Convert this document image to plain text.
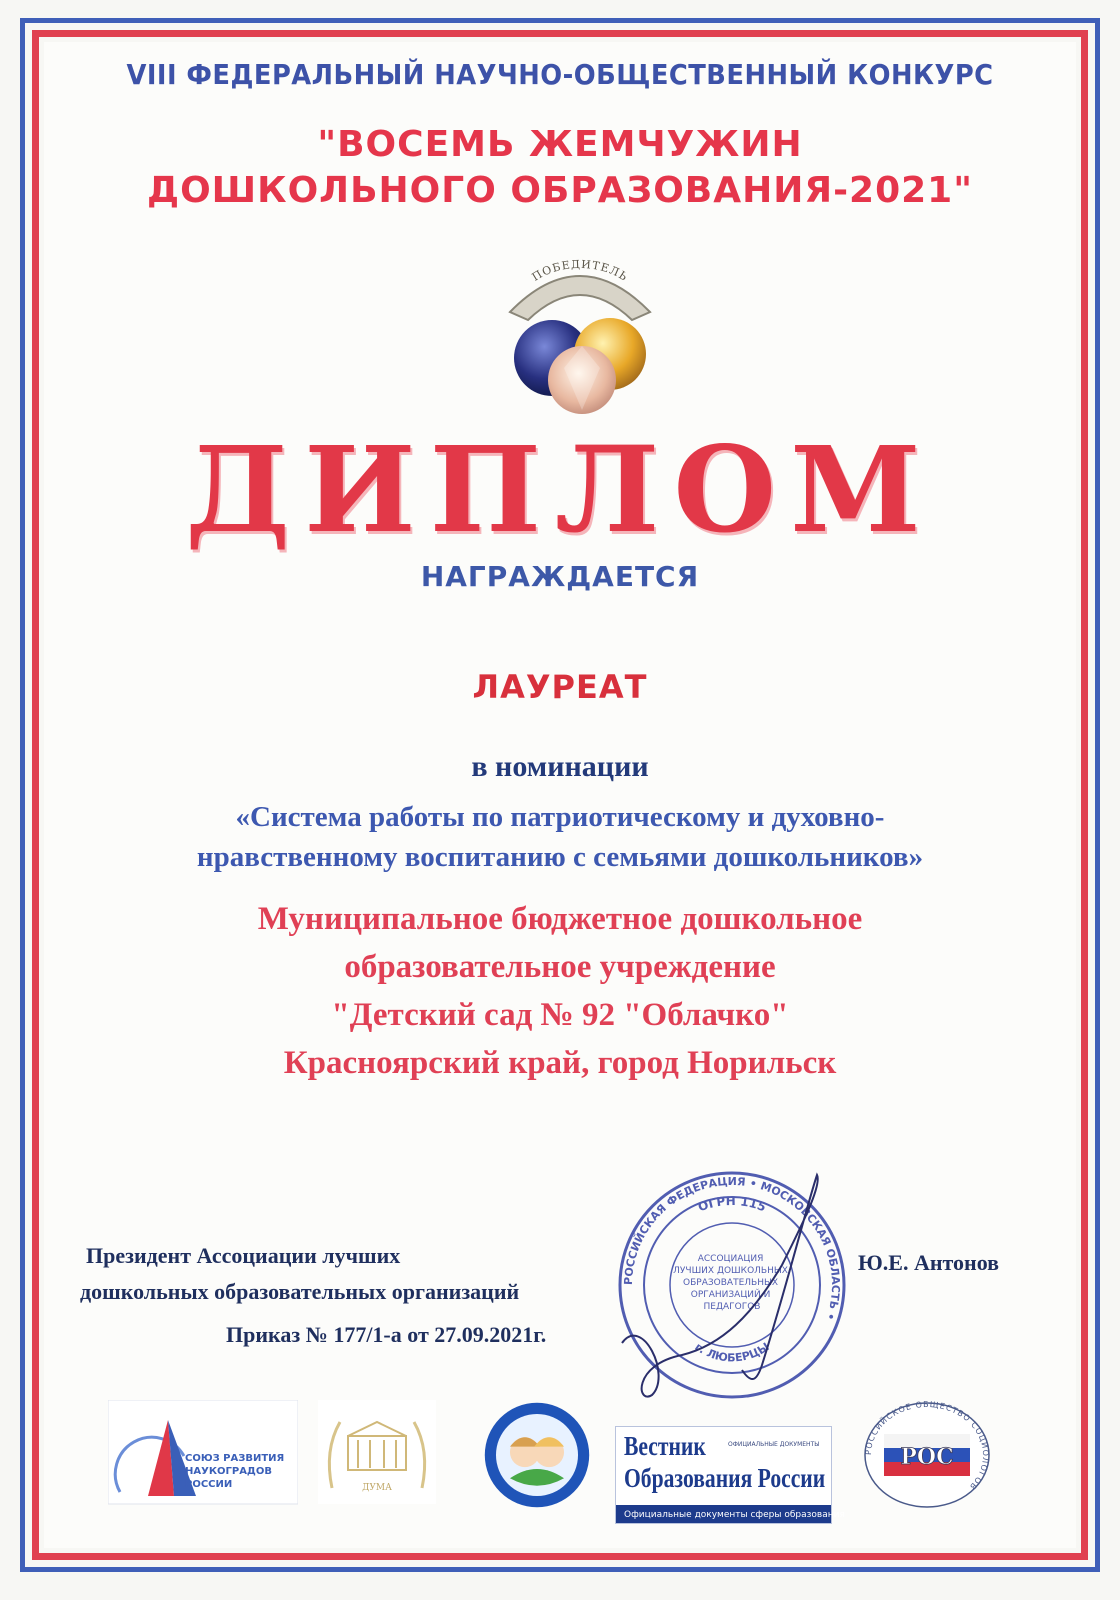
VIII ФЕДЕРАЛЬНЫЙ НАУЧНО-ОБЩЕСТВЕННЫЙ КОНКУРС
"ВОСЕМЬ ЖЕМЧУЖИН
ДОШКОЛЬНОГО ОБРАЗОВАНИЯ-2021"
ПОБЕДИТЕЛЬ
ДИПЛОМ
НАГРАЖДАЕТСЯ
ЛАУРЕАТ
в номинации
«Система работы по патриотическому и духовно-
нравственному воспитанию с семьями дошкольников»
Муниципальное бюджетное дошкольное
образовательное учреждение
"Детский сад № 92 "Облачко"
Красноярский край, город Норильск
Президент Ассоциации лучших
дошкольных образовательных организаций
Приказ № 177/1-а от 27.09.2021г.
Ю.Е. Антонов
РОССИЙСКАЯ ФЕДЕРАЦИЯ • МОСКОВСКАЯ ОБЛАСТЬ •
ОГРН 115
АССОЦИАЦИЯ ЛУЧШИХ ДОШКОЛЬНЫХ ОБРАЗОВАТЕЛЬНЫХ ОРГАНИЗАЦИЙ И ПЕДАГОГОВ
г. ЛЮБЕРЦЫ
СОЮЗ РАЗВИТИЯ
НАУКОГРАДОВ
РОССИИ	ДУМА
Вестник	ОФИЦИАЛЬНЫЕ ДОКУМЕНТЫ
Образования России
Официальные документы сферы образования
РОССИЙСКОЕ ОБЩЕСТВО СОЦИОЛОГОВ
РОС
